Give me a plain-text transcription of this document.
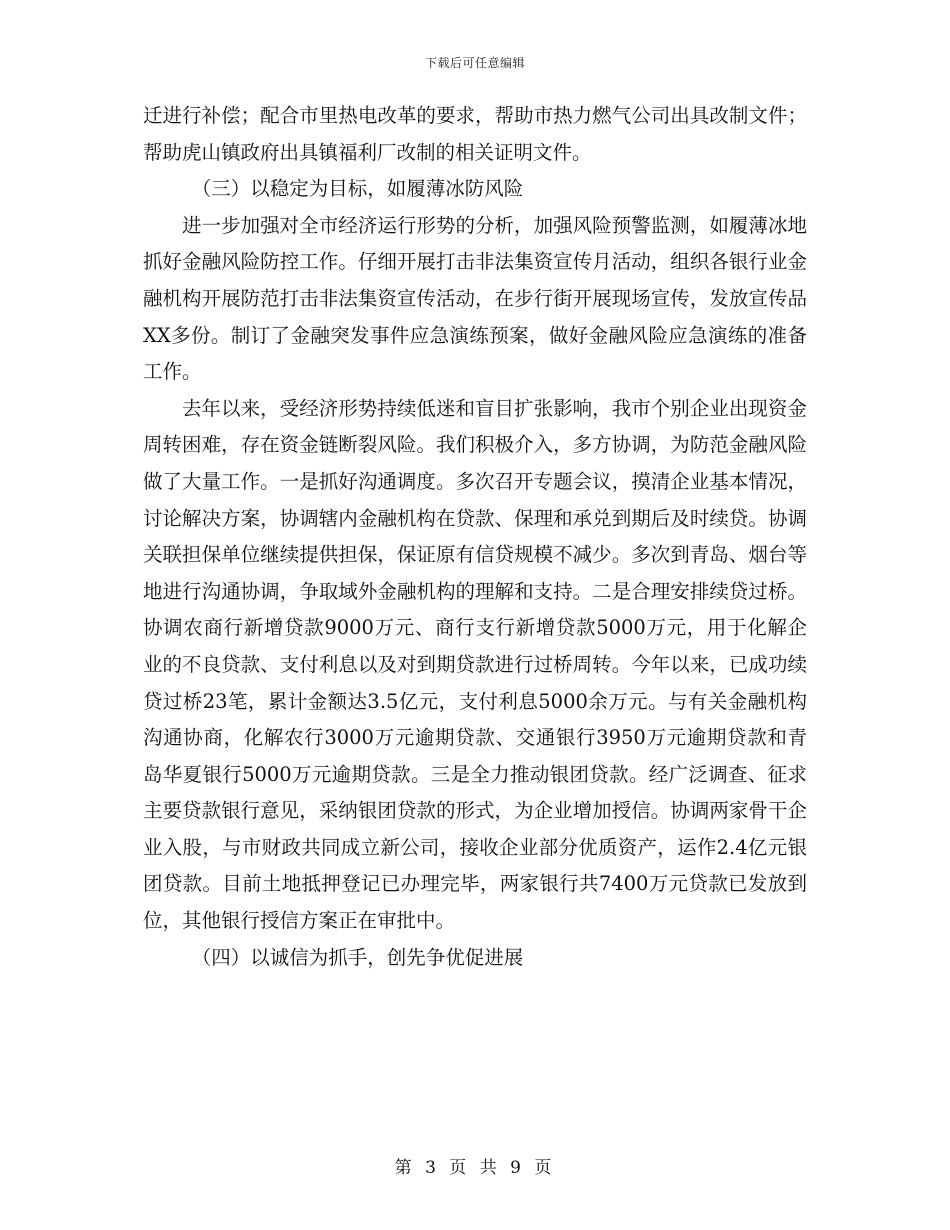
下载后可任意编辑

迁进行补偿；配合市里热电改革的要求，帮助市热力燃气公司出具改制文件；帮助虎山镇政府出具镇福利厂改制的相关证明文件。

（三）以稳定为目标，如履薄冰防风险

进一步加强对全市经济运行形势的分析，加强风险预警监测，如履薄冰地抓好金融风险防控工作。仔细开展打击非法集资宣传月活动，组织各银行业金融机构开展防范打击非法集资宣传活动，在步行街开展现场宣传，发放宣传品XX多份。制订了金融突发事件应急演练预案，做好金融风险应急演练的准备工作。

去年以来，受经济形势持续低迷和盲目扩张影响，我市个别企业出现资金周转困难，存在资金链断裂风险。我们积极介入，多方协调，为防范金融风险做了大量工作。一是抓好沟通调度。多次召开专题会议，摸清企业基本情况，讨论解决方案，协调辖内金融机构在贷款、保理和承兑到期后及时续贷。协调关联担保单位继续提供担保，保证原有信贷规模不减少。多次到青岛、烟台等地进行沟通协调，争取域外金融机构的理解和支持。二是合理安排续贷过桥。协调农商行新增贷款9000万元、商行支行新增贷款5000万元，用于化解企业的不良贷款、支付利息以及对到期贷款进行过桥周转。今年以来，已成功续贷过桥23笔，累计金额达3.5亿元，支付利息5000余万元。与有关金融机构沟通协商，化解农行3000万元逾期贷款、交通银行3950万元逾期贷款和青岛华夏银行5000万元逾期贷款。三是全力推动银团贷款。经广泛调查、征求主要贷款银行意见，采纳银团贷款的形式，为企业增加授信。协调两家骨干企业入股，与市财政共同成立新公司，接收企业部分优质资产，运作2.4亿元银团贷款。目前土地抵押登记已办理完毕，两家银行共7400万元贷款已发放到位，其他银行授信方案正在审批中。

（四）以诚信为抓手，创先争优促进展

第 3 页 共 9 页
